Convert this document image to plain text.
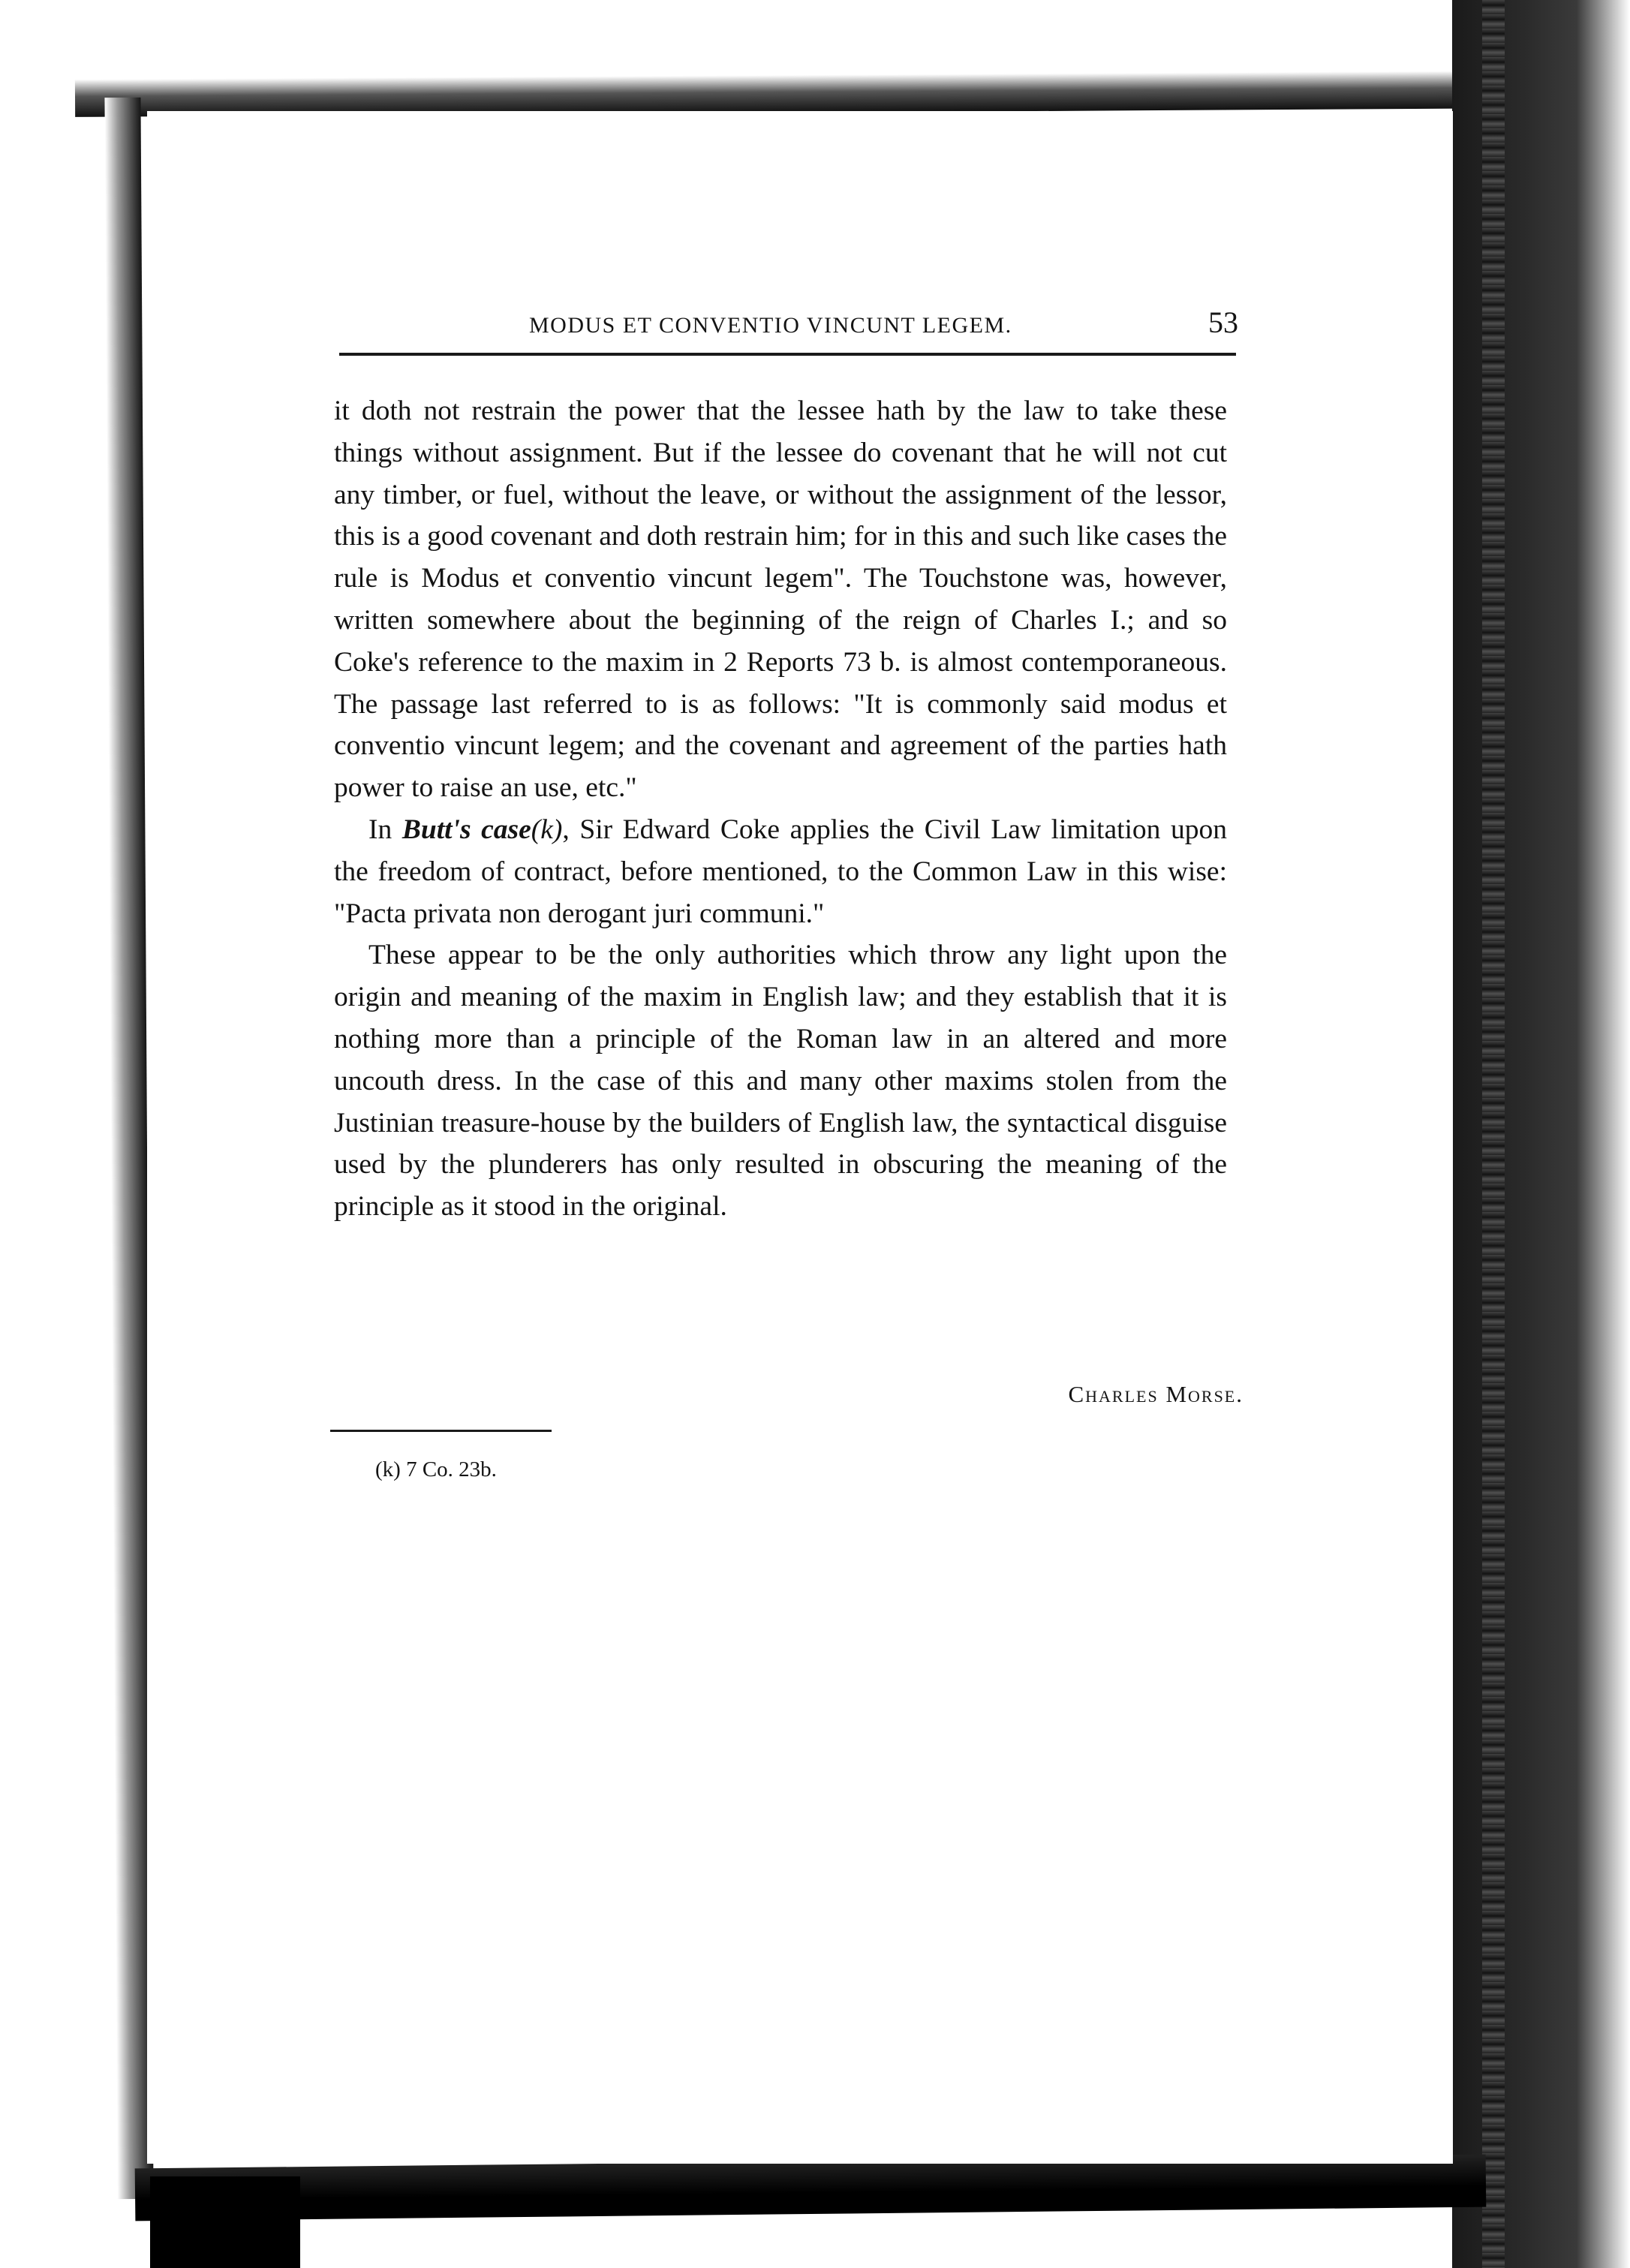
MODUS ET CONVENTIO VINCUNT LEGEM.	53

it doth not restrain the power that the lessee hath by the law to take these things without assignment. But if the lessee do covenant that he will not cut any timber, or fuel, without the leave, or without the assignment of the lessor, this is a good covenant and doth restrain him; for in this and such like cases the rule is Modus et conventio vincunt legem". The Touchstone was, however, written somewhere about the beginning of the reign of Charles I.; and so Coke's reference to the maxim in 2 Reports 73 b. is almost contemporaneous. The passage last referred to is as follows: "It is commonly said modus et conventio vincunt legem; and the covenant and agreement of the parties hath power to raise an use, etc."

In Butt's case(k), Sir Edward Coke applies the Civil Law limitation upon the freedom of contract, before mentioned, to the Common Law in this wise: "Pacta privata non derogant juri communi."

These appear to be the only authorities which throw any light upon the origin and meaning of the maxim in English law; and they establish that it is nothing more than a principle of the Roman law in an altered and more uncouth dress. In the case of this and many other maxims stolen from the Justinian treasure-house by the builders of English law, the syntactical disguise used by the plunderers has only resulted in obscuring the meaning of the principle as it stood in the original.

Charles Morse.
(k) 7 Co. 23b.
